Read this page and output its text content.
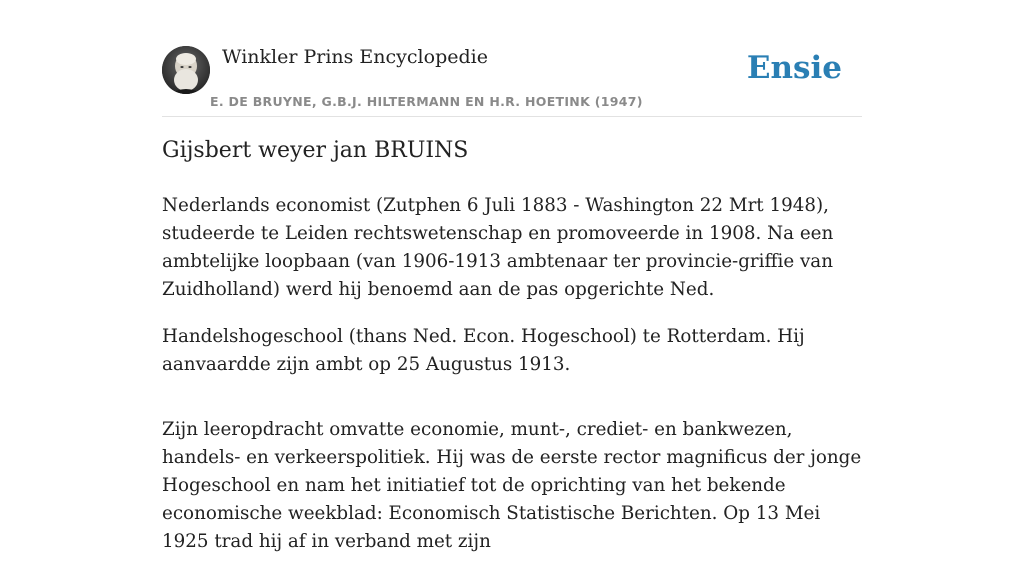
Winkler Prins Encyclopedie
E. DE BRUYNE, G.B.J. HILTERMANN EN H.R. HOETINK (1947)
Ensie
Gijsbert weyer jan BRUINS

Nederlands economist (Zutphen 6 Juli 1883 - Washington 22 Mrt 1948), studeerde te Leiden rechtswetenschap en promoveerde in 1908. Na een ambtelijke loopbaan (van 1906-1913 ambtenaar ter provincie-griffie van Zuidholland) werd hij benoemd aan de pas opgerichte Ned.

Handelshogeschool (thans Ned. Econ. Hogeschool) te Rotterdam. Hij aanvaardde zijn ambt op 25 Augustus 1913.

Zijn leeropdracht omvatte economie, munt-, crediet- en bankwezen, handels- en verkeerspolitiek. Hij was de eerste rector magnificus der jonge Hogeschool en nam het initiatief tot de oprichting van het bekende economische weekblad: Economisch Statistische Berichten. Op 13 Mei 1925 trad hij af in verband met zijn
